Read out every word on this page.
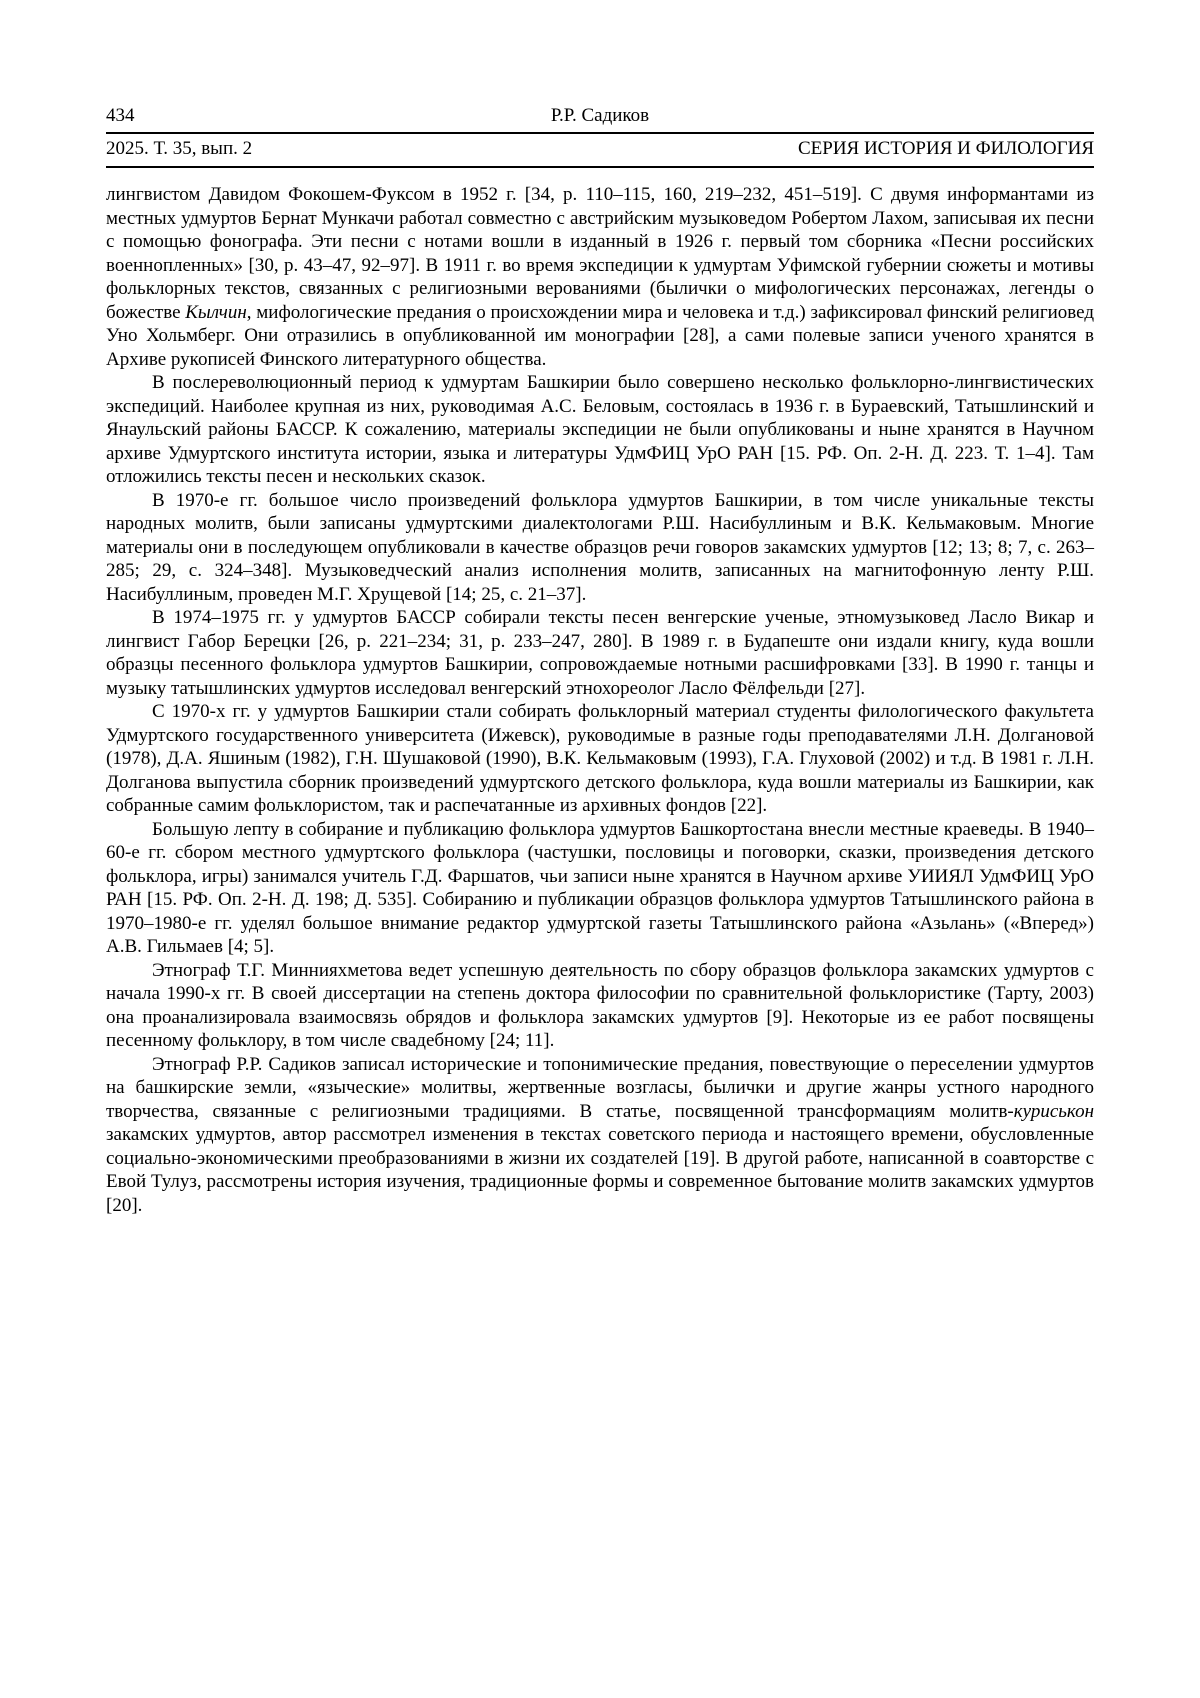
434	Р.Р. Садиков
2025. Т. 35, вып. 2	СЕРИЯ ИСТОРИЯ И ФИЛОЛОГИЯ

лингвистом Давидом Фокошем-Фуксом в 1952 г. [34, p. 110–115, 160, 219–232, 451–519]. С двумя информантами из местных удмуртов Бернат Мункачи работал совместно с австрийским музыковедом Робертом Лахом, записывая их песни с помощью фонографа. Эти песни с нотами вошли в изданный в 1926 г. первый том сборника «Песни российских военнопленных» [30, p. 43–47, 92–97]. В 1911 г. во время экспедиции к удмуртам Уфимской губернии сюжеты и мотивы фольклорных текстов, связанных с религиозными верованиями (былички о мифологических персонажах, легенды о божестве Кылчин, мифологические предания о происхождении мира и человека и т.д.) зафиксировал финский религиовед Уно Хольмберг. Они отразились в опубликованной им монографии [28], а сами полевые записи ученого хранятся в Архиве рукописей Финского литературного общества.

В послереволюционный период к удмуртам Башкирии было совершено несколько фольклорно-лингвистических экспедиций. Наиболее крупная из них, руководимая А.С. Беловым, состоялась в 1936 г. в Бураевский, Татышлинский и Янаульский районы БАССР. К сожалению, материалы экспедиции не были опубликованы и ныне хранятся в Научном архиве Удмуртского института истории, языка и литературы УдмФИЦ УрО РАН [15. РФ. Оп. 2-Н. Д. 223. Т. 1–4]. Там отложились тексты песен и нескольких сказок.

В 1970-е гг. большое число произведений фольклора удмуртов Башкирии, в том числе уникальные тексты народных молитв, были записаны удмуртскими диалектологами Р.Ш. Насибуллиным и В.К. Кельмаковым. Многие материалы они в последующем опубликовали в качестве образцов речи говоров закамских удмуртов [12; 13; 8; 7, с. 263–285; 29, с. 324–348]. Музыковедческий анализ исполнения молитв, записанных на магнитофонную ленту Р.Ш. Насибуллиным, проведен М.Г. Хрущевой [14; 25, с. 21–37].

В 1974–1975 гг. у удмуртов БАССР собирали тексты песен венгерские ученые, этномузыковед Ласло Викар и лингвист Габор Берецки [26, p. 221–234; 31, p. 233–247, 280]. В 1989 г. в Будапеште они издали книгу, куда вошли образцы песенного фольклора удмуртов Башкирии, сопровождаемые нотными расшифровками [33]. В 1990 г. танцы и музыку татышлинских удмуртов исследовал венгерский этнохореолог Ласло Фёлфельди [27].

С 1970-х гг. у удмуртов Башкирии стали собирать фольклорный материал студенты филологического факультета Удмуртского государственного университета (Ижевск), руководимые в разные годы преподавателями Л.Н. Долгановой (1978), Д.А. Яшиным (1982), Г.Н. Шушаковой (1990), В.К. Кельмаковым (1993), Г.А. Глуховой (2002) и т.д. В 1981 г. Л.Н. Долганова выпустила сборник произведений удмуртского детского фольклора, куда вошли материалы из Башкирии, как собранные самим фольклористом, так и распечатанные из архивных фондов [22].

Большую лепту в собирание и публикацию фольклора удмуртов Башкортостана внесли местные краеведы. В 1940–60-е гг. сбором местного удмуртского фольклора (частушки, пословицы и поговорки, сказки, произведения детского фольклора, игры) занимался учитель Г.Д. Фаршатов, чьи записи ныне хранятся в Научном архиве УИИЯЛ УдмФИЦ УрО РАН [15. РФ. Оп. 2-Н. Д. 198; Д. 535]. Собиранию и публикации образцов фольклора удмуртов Татышлинского района в 1970–1980-е гг. уделял большое внимание редактор удмуртской газеты Татышлинского района «Азьлань» («Вперед») А.В. Гильмаев [4; 5].

Этнограф Т.Г. Миннияхметова ведет успешную деятельность по сбору образцов фольклора закамских удмуртов с начала 1990-х гг. В своей диссертации на степень доктора философии по сравнительной фольклористике (Тарту, 2003) она проанализировала взаимосвязь обрядов и фольклора закамских удмуртов [9]. Некоторые из ее работ посвящены песенному фольклору, в том числе свадебному [24; 11].

Этнограф Р.Р. Садиков записал исторические и топонимические предания, повествующие о переселении удмуртов на башкирские земли, «языческие» молитвы, жертвенные возгласы, былички и другие жанры устного народного творчества, связанные с религиозными традициями. В статье, посвященной трансформациям молитв-куриськон закамских удмуртов, автор рассмотрел изменения в текстах советского периода и настоящего времени, обусловленные социально-экономическими преобразованиями в жизни их создателей [19]. В другой работе, написанной в соавторстве с Евой Тулуз, рассмотрены история изучения, традиционные формы и современное бытование молитв закамских удмуртов [20].
